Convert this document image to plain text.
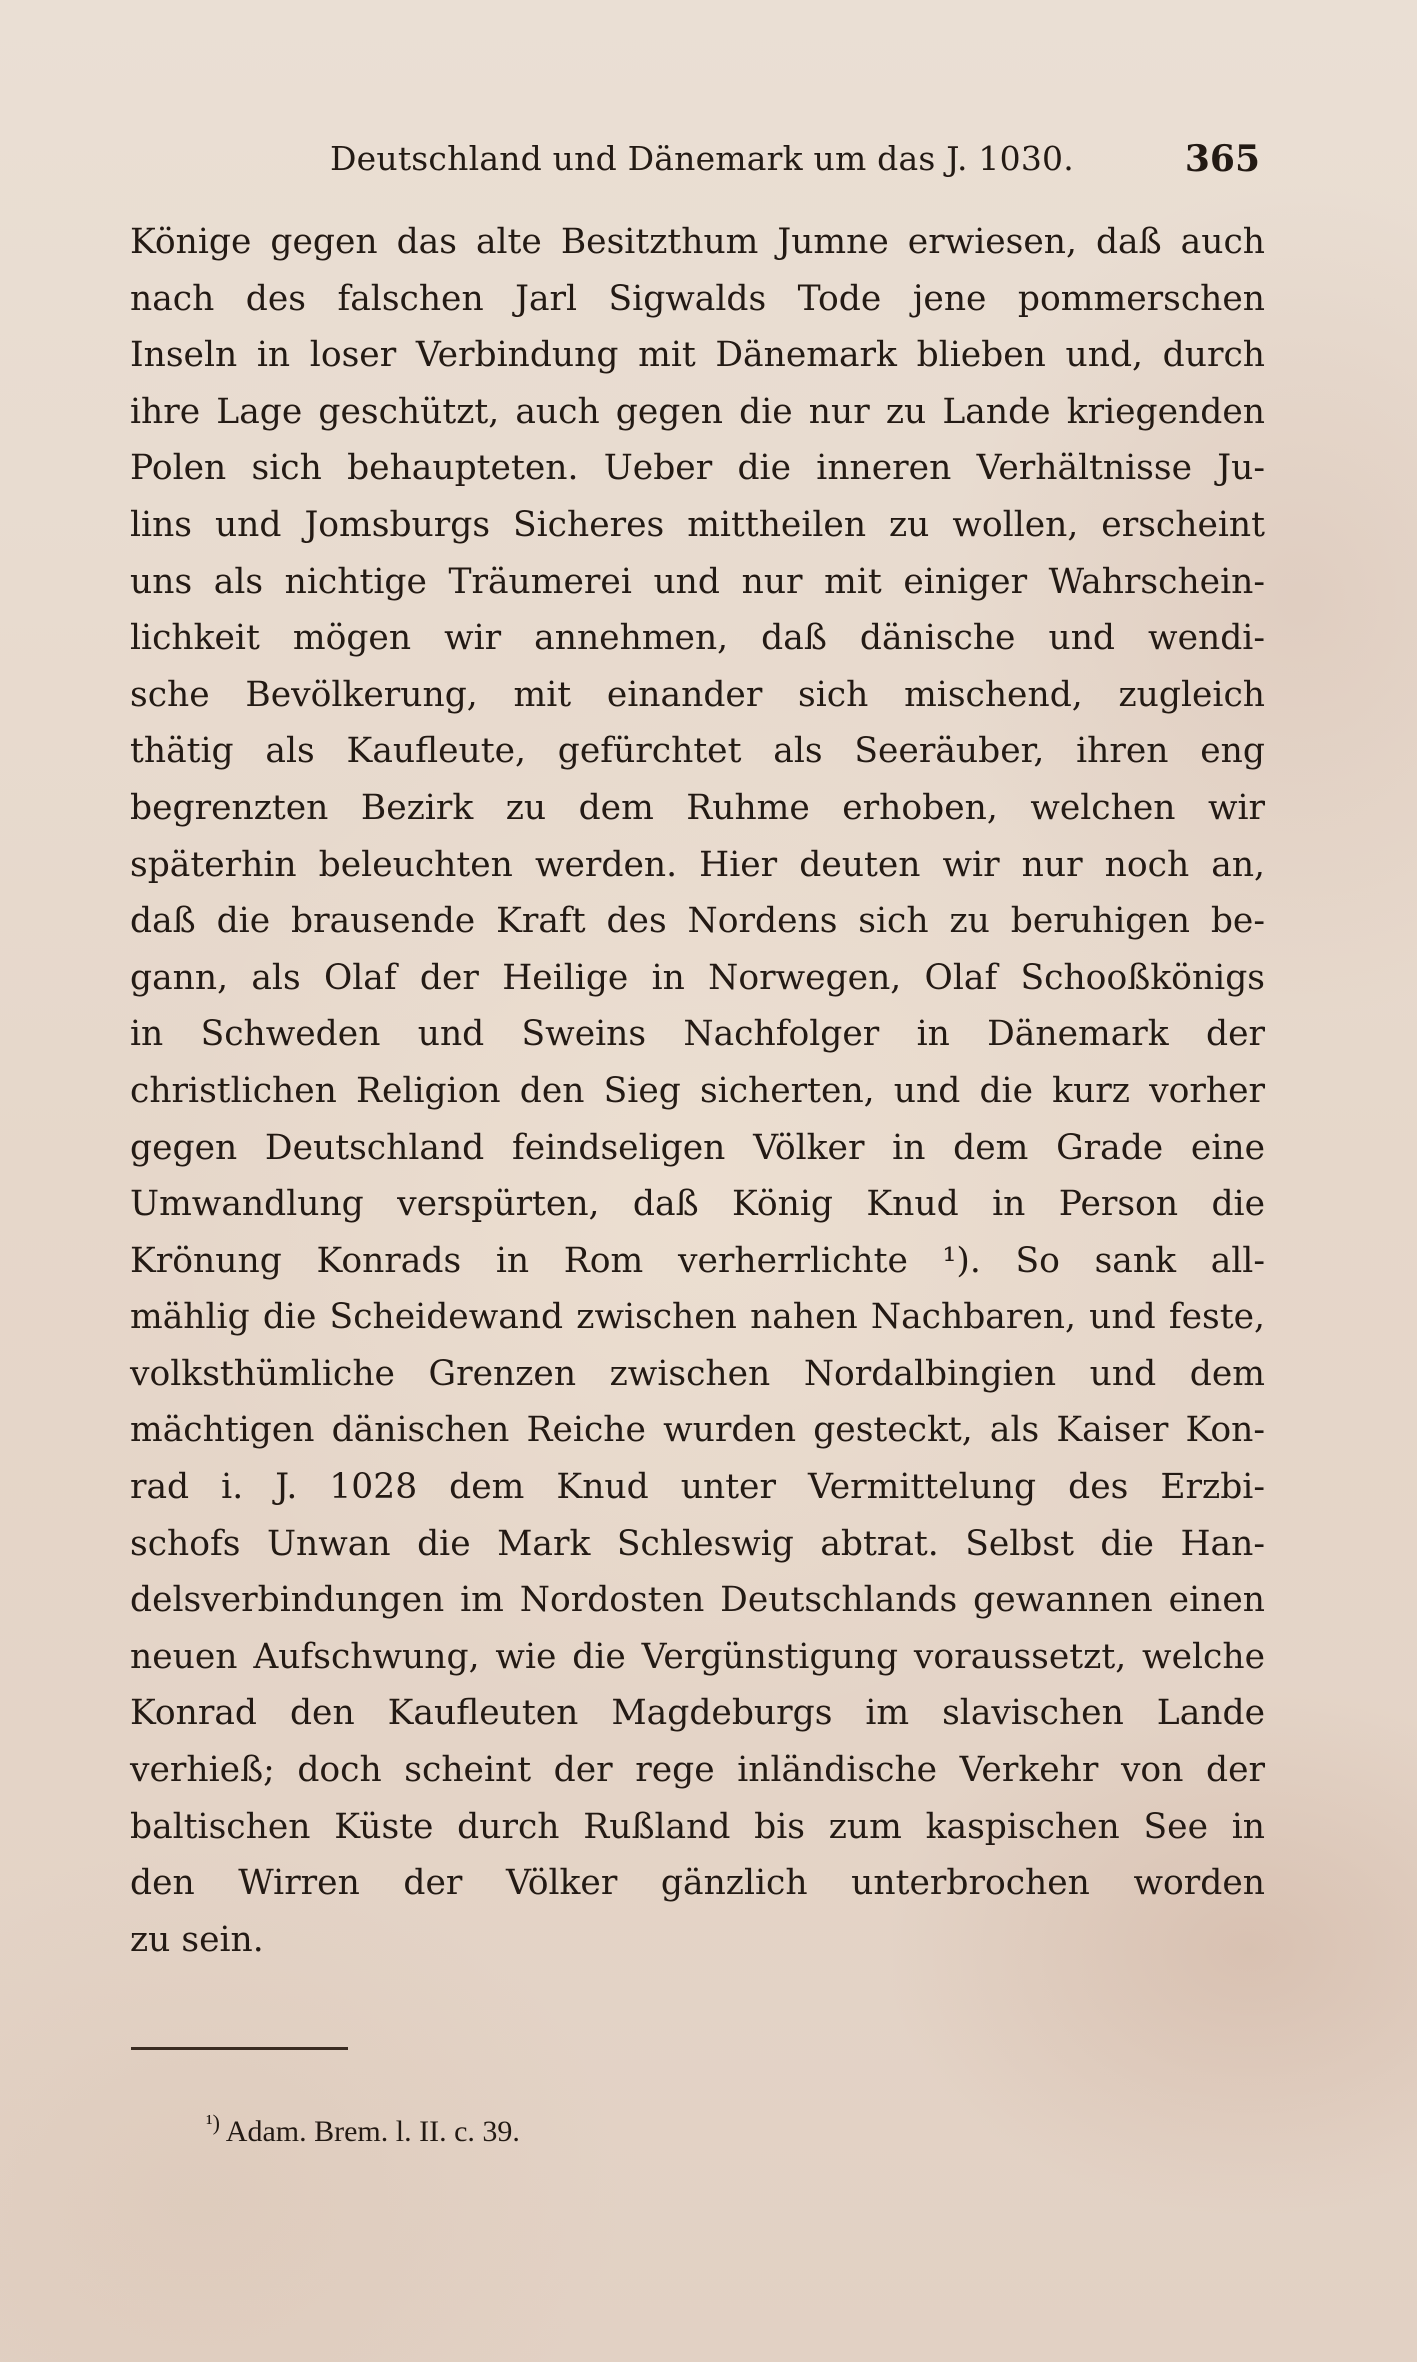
Deutschland und Dänemark um das J. 1030.	365
Könige gegen das alte Besitzthum Jumne erwiesen, daß auch
nach des falschen Jarl Sigwalds Tode jene pommerschen
Inseln in loser Verbindung mit Dänemark blieben und, durch
ihre Lage geschützt, auch gegen die nur zu Lande kriegenden
Polen sich behaupteten. Ueber die inneren Verhältnisse Ju-
lins und Jomsburgs Sicheres mittheilen zu wollen, erscheint
uns als nichtige Träumerei und nur mit einiger Wahrschein-
lichkeit mögen wir annehmen, daß dänische und wendi-
sche Bevölkerung, mit einander sich mischend, zugleich
thätig als Kaufleute, gefürchtet als Seeräuber, ihren eng
begrenzten Bezirk zu dem Ruhme erhoben, welchen wir
späterhin beleuchten werden. Hier deuten wir nur noch an,
daß die brausende Kraft des Nordens sich zu beruhigen be-
gann, als Olaf der Heilige in Norwegen, Olaf Schooßkönigs
in Schweden und Sweins Nachfolger in Dänemark der
christlichen Religion den Sieg sicherten, und die kurz vorher
gegen Deutschland feindseligen Völker in dem Grade eine
Umwandlung verspürten, daß König Knud in Person die
Krönung Konrads in Rom verherrlichte ¹). So sank all-
mählig die Scheidewand zwischen nahen Nachbaren, und feste,
volksthümliche Grenzen zwischen Nordalbingien und dem
mächtigen dänischen Reiche wurden gesteckt, als Kaiser Kon-
rad i. J. 1028 dem Knud unter Vermittelung des Erzbi-
schofs Unwan die Mark Schleswig abtrat. Selbst die Han-
delsverbindungen im Nordosten Deutschlands gewannen einen
neuen Aufschwung, wie die Vergünstigung voraussetzt, welche
Konrad den Kaufleuten Magdeburgs im slavischen Lande
verhieß; doch scheint der rege inländische Verkehr von der
baltischen Küste durch Rußland bis zum kaspischen See in
den Wirren der Völker gänzlich unterbrochen worden
zu sein.
$^{^1)}$ Adam. Brem. l. II. c. 39.
